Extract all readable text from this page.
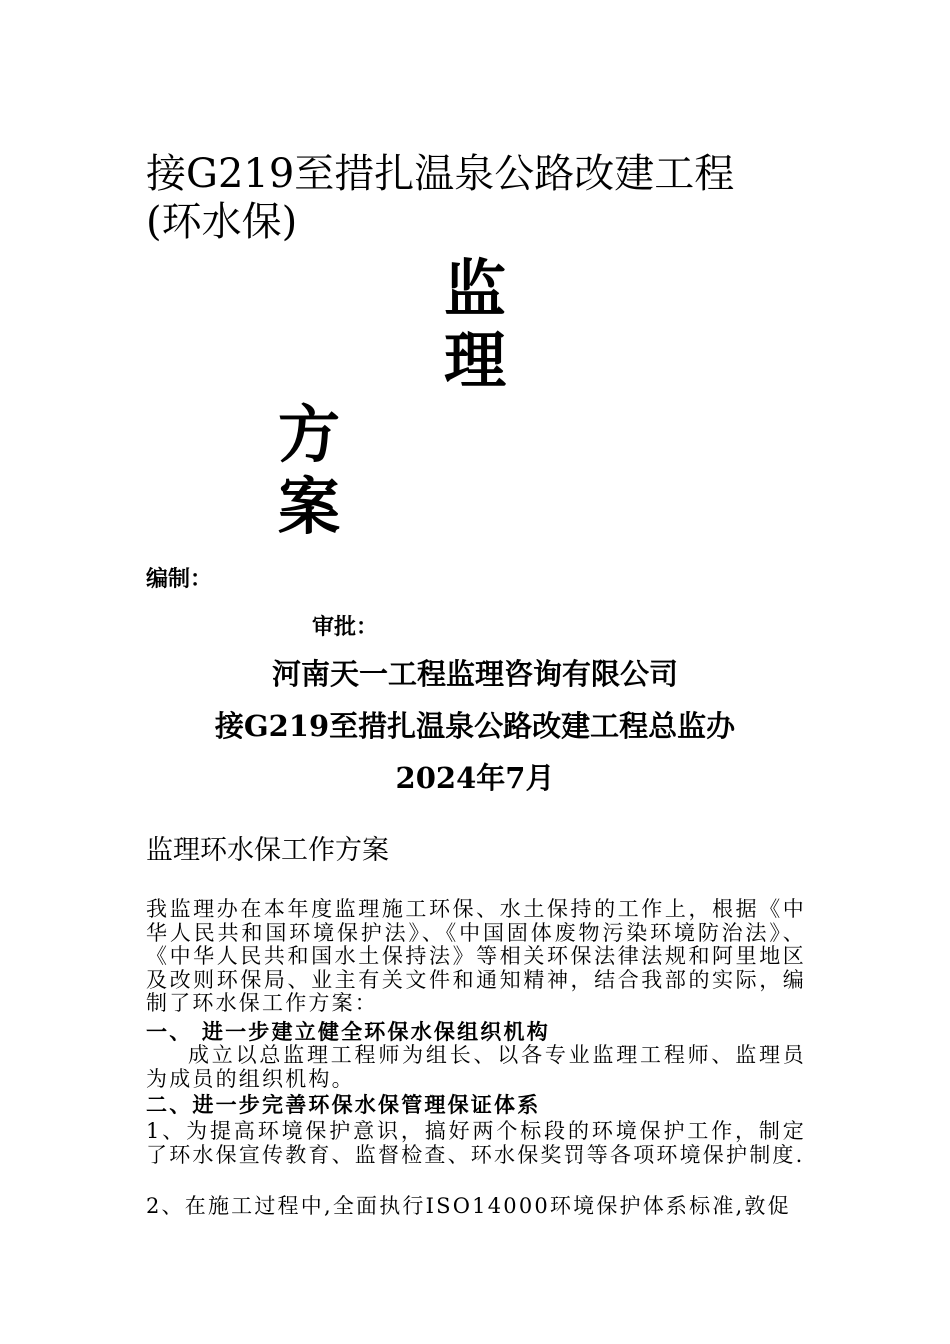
接G219至措扎温泉公路改建工程
(环水保)
监
理
方
案
编制：
审批：
河南天一工程监理咨询有限公司
接G219至措扎温泉公路改建工程总监办
2024年7月
监理环水保工作方案
我监理办在本年度监理施工环保、水土保持的工作上，根据《中华人民共和国环境保护法》、《中国固体废物污染环境防治法》、《中华人民共和国水土保持法》等相关环保法律法规和阿里地区及改则环保局、业主有关文件和通知精神，结合我部的实际，编制了环水保工作方案：
一、 进一步建立健全环保水保组织机构
成立以总监理工程师为组长、以各专业监理工程师、监理员为成员的组织机构。
二、进一步完善环保水保管理保证体系
1、为提高环境保护意识，搞好两个标段的环境保护工作，制定了环水保宣传教育、监督检查、环水保奖罚等各项环境保护制度.
2、在施工过程中,全面执行ISO14000环境保护体系标准,敦促
